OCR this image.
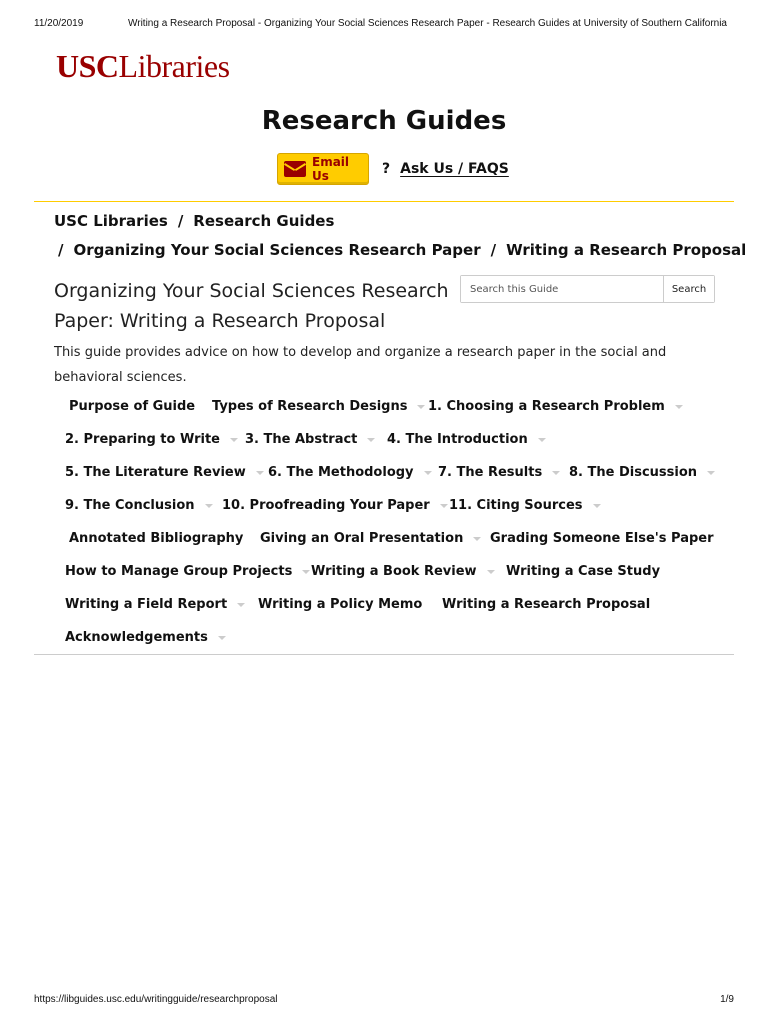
11/20/2019	Writing a Research Proposal - Organizing Your Social Sciences Research Paper - Research Guides at University of Southern California
USCLibraries
Research Guides
Email Us	? Ask Us / FAQS
USC Libraries / Research Guides
/ Organizing Your Social Sciences Research Paper / Writing a Research Proposal
Organizing Your Social Sciences Research
Paper: Writing a Research Proposal
Search this Guide
Search
This guide provides advice on how to develop and organize a research paper in the social and behavioral sciences.
Purpose of Guide Types of Research Designs	1. Choosing a Research Problem
2. Preparing to Write	3. The Abstract	4. The Introduction
5. The Literature Review	6. The Methodology	7. The Results	8. The Discussion
9. The Conclusion	10. Proofreading Your Paper	11. Citing Sources
Annotated Bibliography Giving an Oral Presentation	Grading Someone Else's Paper
How to Manage Group Projects	Writing a Book Review	Writing a Case Study
Writing a Field Report	Writing a Policy Memo Writing a Research Proposal
Acknowledgements
https://libguides.usc.edu/writingguide/researchproposal	1/9
